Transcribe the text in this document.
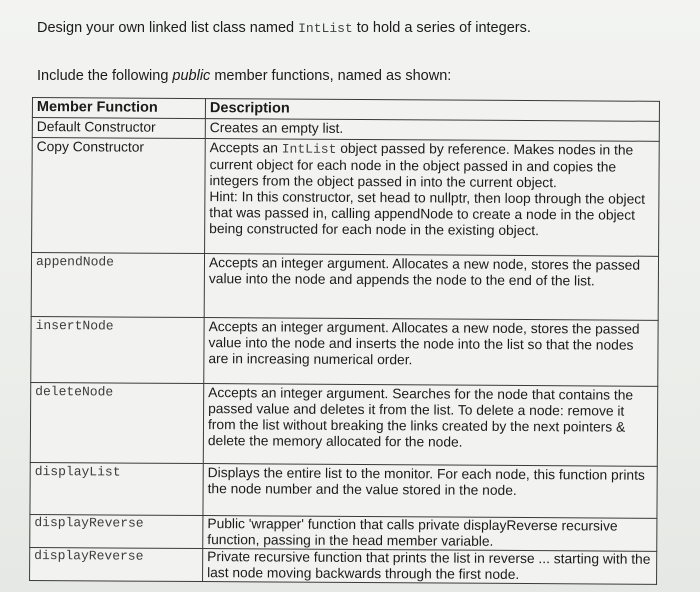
Design your own linked list class named IntList to hold a series of integers.
Include the following public member functions, named as shown:
Member Function	Description
Default Constructor	Creates an empty list.
Copy Constructor	Accepts an IntList object passed by reference. Makes nodes in the current object for each node in the object passed in and copies the integers from the object passed in into the current object.
Hint: In this constructor, set head to nullptr, then loop through the object that was passed in, calling appendNode to create a node in the object being constructed for each node in the existing object.
appendNode	Accepts an integer argument. Allocates a new node, stores the passed value into the node and appends the node to the end of the list.
insertNode	Accepts an integer argument. Allocates a new node, stores the passed value into the node and inserts the node into the list so that the nodes are in increasing numerical order.
deleteNode	Accepts an integer argument. Searches for the node that contains the passed value and deletes it from the list. To delete a node: remove it from the list without breaking the links created by the next pointers & delete the memory allocated for the node.
displayList	Displays the entire list to the monitor. For each node, this function prints the node number and the value stored in the node.
displayReverse	Public 'wrapper' function that calls private displayReverse recursive function, passing in the head member variable.
displayReverse	Private recursive function that prints the list in reverse ... starting with the last node moving backwards through the first node.
